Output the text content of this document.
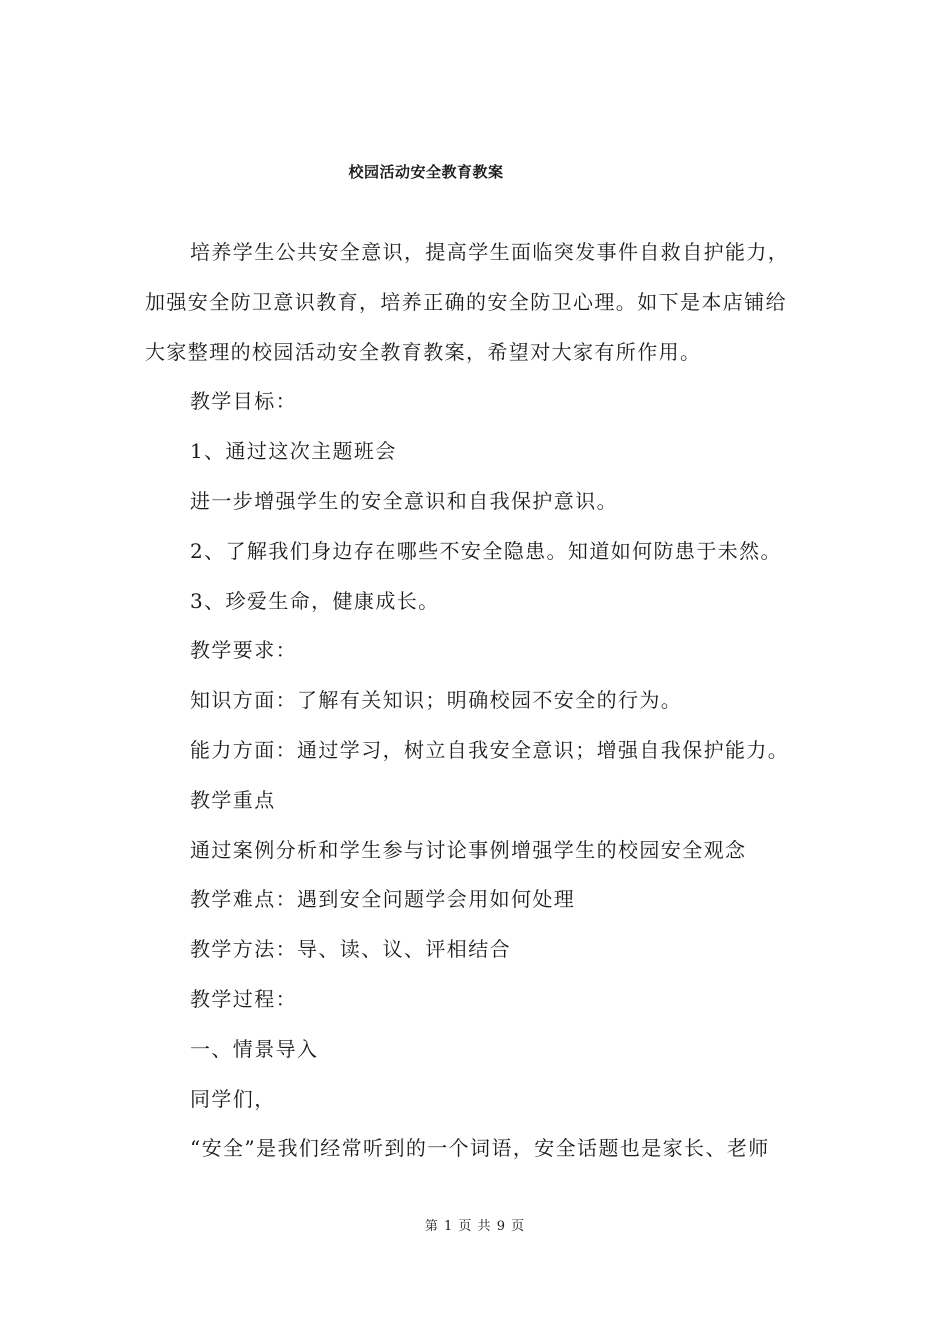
校园活动安全教育教案

培养学生公共安全意识，提高学生面临突发事件自救自护能力，

加强安全防卫意识教育，培养正确的安全防卫心理。如下是本店铺给

大家整理的校园活动安全教育教案，希望对大家有所作用。

教学目标：

1、通过这次主题班会

进一步增强学生的安全意识和自我保护意识。

2、了解我们身边存在哪些不安全隐患。知道如何防患于未然。

3、珍爱生命，健康成长。

教学要求：

知识方面：了解有关知识；明确校园不安全的行为。

能力方面：通过学习，树立自我安全意识；增强自我保护能力。

教学重点

通过案例分析和学生参与讨论事例增强学生的校园安全观念

教学难点：遇到安全问题学会用如何处理

教学方法：导、读、议、评相结合

教学过程：

一、情景导入

同学们，

“安全”是我们经常听到的一个词语，安全话题也是家长、老师

第 1 页 共 9 页
